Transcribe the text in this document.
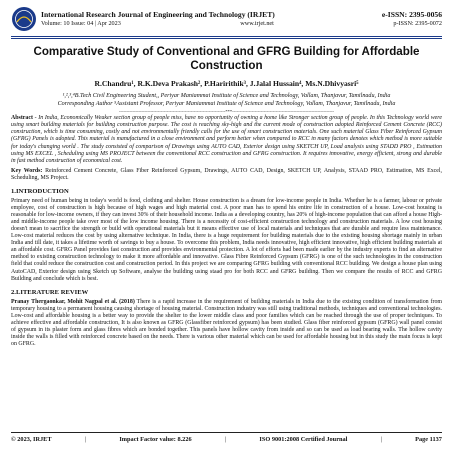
International Research Journal of Engineering and Technology (IRJET)	e-ISSN: 2395-0056
Volume: 10 Issue: 04 | Apr 2023	www.irjet.net	p-ISSN: 2395-0072
Comparative Study of Conventional and GFRG Building for Affordable Construction
R.Chandru¹, R.K.Deva Prakash², P.Haririthik³, J.Jalal Hussain⁴, Ms.N.Dhivyasri⁵
¹,²,³,⁴B.Tech Civil Engineering Student,, Periyar Maniammai Institute of Science and Technology, Vallam, Thanjavur, Tamilnadu, India
Corresponding Author ⁵Assistant Professor, Periyar Maniammai Institute of Science and Technology, Vallam, Thanjavur, Tamilnadu, India
-----------------------------------------------------------------------***--------------------------------------------------------------------
Abstract - In India, Economically Weaker section group of people miss, have no opportunity of owning a home like Stronger section group of people. In this Technology world were using smart building materials for building construction purpose. The cost is reaching sky-high and the current mode of construction adopted Reinforced Cement Concrete (RCC) construction, which is time consuming, costly and not environmentally friendly calls for the use of smart construction materials. One such material Glass Fiber Reinforced Gypsum (GFRG) Panels is adopted. This material is manufactured in a close environment and perform better when compared to RCC in many factors denotes which method is more suitable for today's changing world . The study consisted of comparison of Drawings using AUTO CAD, Exterior design using SKETCH UP, Load analysis using STADD PRO , Estimation using MS EXCEL , Scheduling using MS PROJECT between the conventional RCC construction and GFRG construction. It requires innovative, energy efficient, strong and durable in fast method construction of economical cost.
Key Words: Reinforced Cement Concrete, Glass Fiber Reinforced Gypsum, Drawings, AUTO CAD, Design, SKETCH UP, Analysis, STAAD PRO, Estimation, MS Excel, Scheduling, MS Project.
1.INTRODUCTION

Primary need of human being in today's world is food, clothing and shelter. House construction is a dream for low-income people in India. Whether he is a farmer, labour or private employee, cost of construction is high because of high wages and high material cost. A poor man has to spend his entire life in construction of a house. Low-cost housing is reasonable for low-income owners, if they can invest 30% of their household income. India as a developing country, has 20% of high-income population that can afford a house High- and middle-income people take over most of the low income housing. There is a necessity of cost-efficient construction technology and construction materials. A low cost housing doesn't mean to sacrifice the strength or build with operational materials but it means effective use of local materials and techniques that are durable and require less maintenance. Low-cost material reduces the cost by using alternative technique. In India, there is a huge requirement for building materials due to the existing housing shortage mainly in urban India and till date, it takes a lifetime worth of savings to buy a house. To overcome this problem, India needs innovative, high efficient innovative, high efficient building materials at an affordable cost. GFRG Panel provides fast construction and provides environmental protection. A lot of efforts had been made earlier by the industry experts to find an alternative method to existing construction technology to make it more affordable and innovative. Glass Fibre Reinforced Gypsum (GFRG) is one of the such technologies in the construction field that could reduce the construction cost and construction period. In this project we are comparing GFRG building with conventional RCC building. We design a house plan using AutoCAD, Exterior design using Sketch up Software, analyse the building using staad pro for both RCC and GFRG building. Then we compare the results of RCC and GFRG Building and conclude which is best.

2.LITERATURE REVIEW

Pranay Thergaonkar, Mohit Nagpal et al. (2018) There is a rapid increase in the requirement of building materials in India due to the existing condition of transformation from temporary housing to a permanent housing causing shortage of housing material. Construction industry was still using traditional methods, techniques and conventional technologies. Low-cost and affordable housing is a better way to provide the shelter to the lower middle class and poor families which can be reached through the use of proper techniques. To achieve effective and affordable construction, It is also known as GFRG (Glassfiber reinforced gypsum) has been studied. Glass fiber reinforced gypsum (GFRG) wall panel consist of gypsum in its plaster form and glass fibres which are bonded together. This panels have hollow cavity from inside and so can be used as load bearing walls. The hollow cavity inside the walls is filled with reinforced concrete based on the needs. There is various other material which can be used for affordable housing but in this study the main focus is kept on GFRG.

© 2023, IRJET	|	Impact Factor value: 8.226	|	ISO 9001:2008 Certified Journal	|	Page 1137
